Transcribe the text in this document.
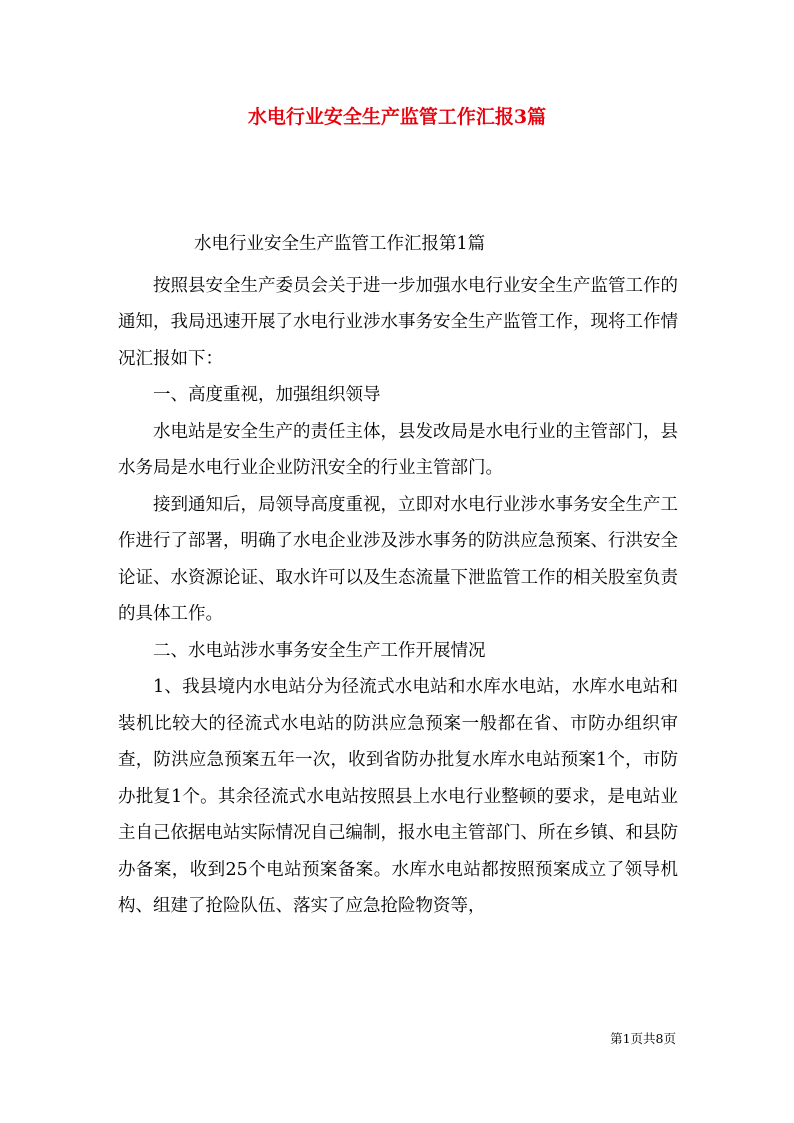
水电行业安全生产监管工作汇报3篇

水电行业安全生产监管工作汇报第1篇

按照县安全生产委员会关于进一步加强水电行业安全生产监管工作的通知，我局迅速开展了水电行业涉水事务安全生产监管工作，现将工作情况汇报如下：

一、高度重视，加强组织领导

水电站是安全生产的责任主体，县发改局是水电行业的主管部门，县水务局是水电行业企业防汛安全的行业主管部门。

接到通知后，局领导高度重视，立即对水电行业涉水事务安全生产工作进行了部署，明确了水电企业涉及涉水事务的防洪应急预案、行洪安全论证、水资源论证、取水许可以及生态流量下泄监管工作的相关股室负责的具体工作。

二、水电站涉水事务安全生产工作开展情况

1、我县境内水电站分为径流式水电站和水库水电站，水库水电站和装机比较大的径流式水电站的防洪应急预案一般都在省、市防办组织审查，防洪应急预案五年一次，收到省防办批复水库水电站预案1个，市防办批复1个。其余径流式水电站按照县上水电行业整顿的要求，是电站业主自己依据电站实际情况自己编制，报水电主管部门、所在乡镇、和县防办备案，收到25个电站预案备案。水库水电站都按照预案成立了领导机构、组建了抢险队伍、落实了应急抢险物资等，

第1页共8页
